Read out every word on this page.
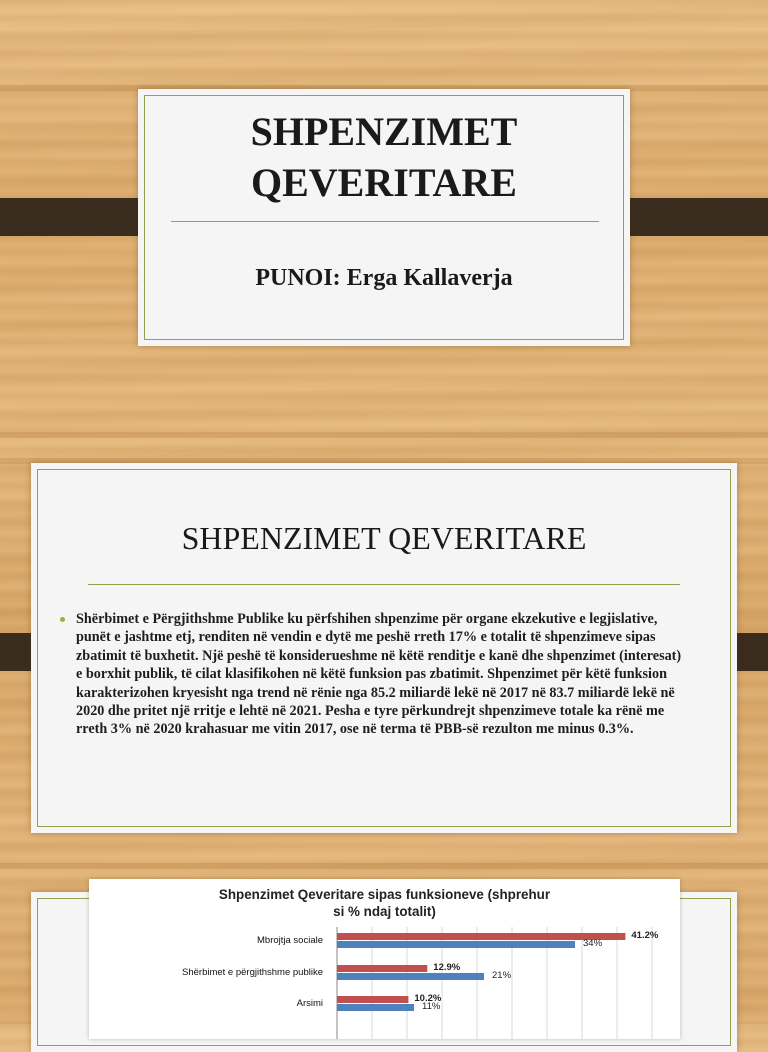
SHPENZIMET
QEVERITARE
PUNOI: Erga Kallaverja
SHPENZIMET QEVERITARE
Shërbimet e Përgjithshme Publike ku përfshihen shpenzime për organe ekzekutive e legjislative, punët e jashtme etj, renditen në vendin e dytë me peshë rreth 17% e totalit të shpenzimeve sipas zbatimit të buxhetit. Një peshë të konsiderueshme në këtë renditje e kanë dhe shpenzimet (interesat) e borxhit publik, të cilat klasifikohen në këtë funksion pas zbatimit. Shpenzimet për këtë funksion karakterizohen kryesisht nga trend në rënie nga 85.2 miliardë lekë në 2017 në 83.7 miliardë lekë në 2020 dhe pritet një rritje e lehtë në 2021. Pesha e tyre përkundrejt shpenzimeve totale ka rënë me rreth 3% në 2020 krahasuar me vitin 2017, ose në terma të PBB-së rezulton me minus 0.3%.
Shpenzimet Qeveritare sipas funksioneve (shprehur
si % ndaj totalit)
41.2%
34%
Mbrojtja sociale
12.9%
21%
Shërbimet e përgjithshme publike
10.2%
11%
Arsimi
